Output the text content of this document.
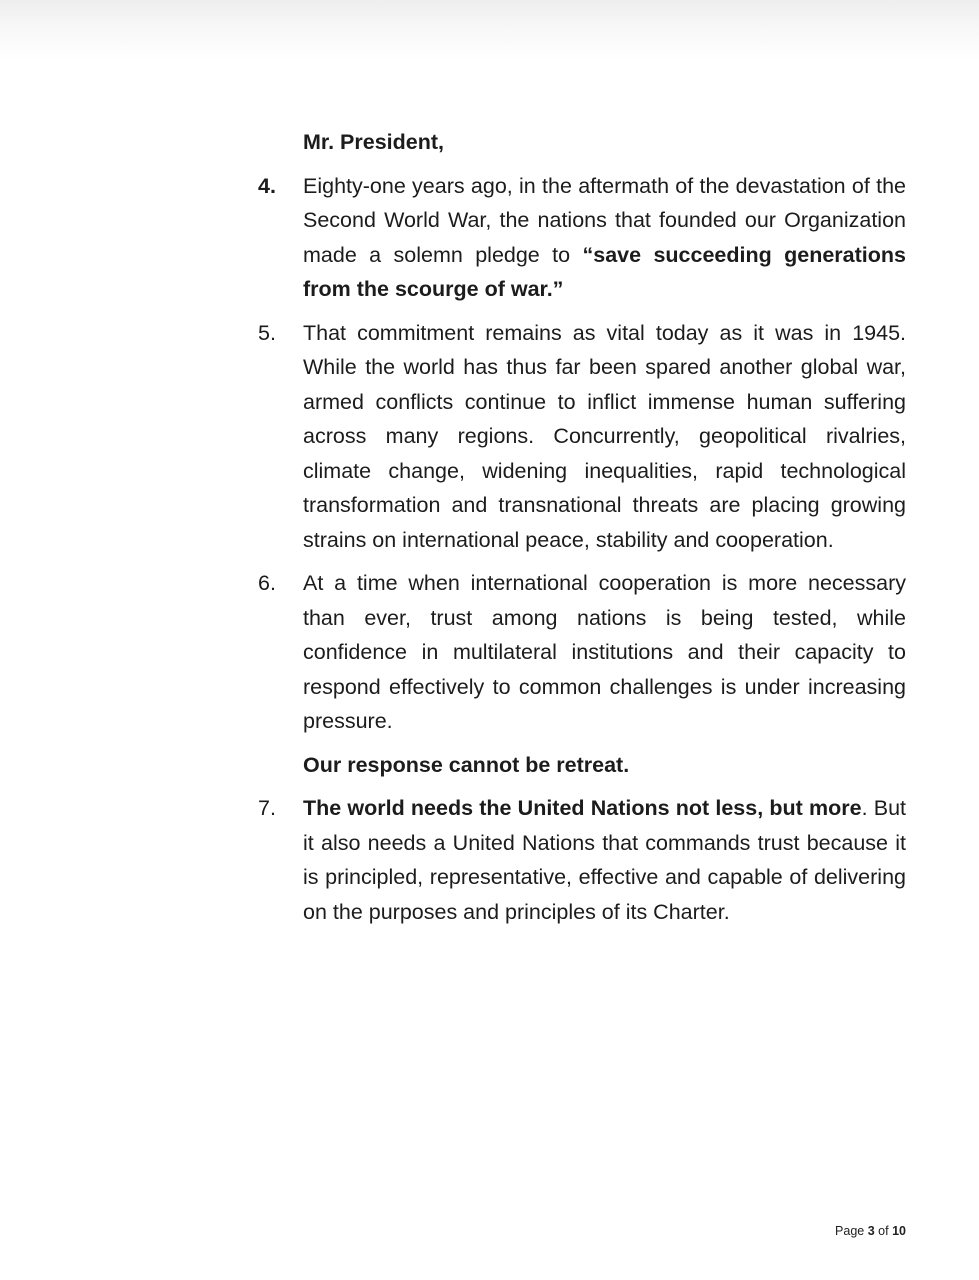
Mr. President,
4.	Eighty-one years ago, in the aftermath of the devastation of the Second World War, the nations that founded our Organization made a solemn pledge to “save succeeding generations from the scourge of war.”
5.	That commitment remains as vital today as it was in 1945. While the world has thus far been spared another global war, armed conflicts continue to inflict immense human suffering across many regions. Concurrently, geopolitical rivalries, climate change, widening inequalities, rapid technological transformation and transnational threats are placing growing strains on international peace, stability and cooperation.
6.	At a time when international cooperation is more necessary than ever, trust among nations is being tested, while confidence in multilateral institutions and their capacity to respond effectively to common challenges is under increasing pressure.
Our response cannot be retreat.
7.	The world needs the United Nations not less, but more. But it also needs a United Nations that commands trust because it is principled, representative, effective and capable of delivering on the purposes and principles of its Charter.
Page 3 of 10
